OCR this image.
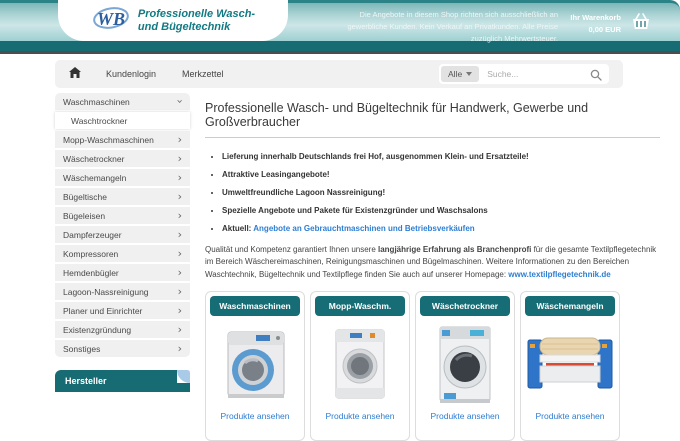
WB Professionelle Wasch-
und Bügeltechnik
Die Angebote in diesem Shop richten sich ausschließlich an gewerbliche Kunden. Kein Verkauf an Privatkunden. Alle Preise zuzüglich Mehrwertsteuer.
Ihr Warenkorb
0,00 EUR
Kundenlogin	Merkzettel	Alle
Suche...
Waschmaschinen	›
Waschtrockner
Mopp-Waschmaschinen ›
Wäschetrockner	›
Wäschemangeln	›
Bügeltische	›
Bügeleisen	›
Dampferzeuger	›
Kompressoren	›
Hemdenbügler	›
Lagoon-Nassreinigung	›
Planer und Einrichter	›
Existenzgründung	›
Sonstiges	›
Hersteller
Professionelle Wasch- und Bügeltechnik für Handwerk, Gewerbe und Großverbraucher
• Lieferung innerhalb Deutschlands frei Hof, ausgenommen Klein- und Ersatzteile!
• Attraktive Leasingangebote!
• Umweltfreundliche Lagoon Nassreinigung!
• Spezielle Angebote und Pakete für Existenzgründer und Waschsalons
• Aktuell: Angebote an Gebrauchtmaschinen und Betriebsverkäufen

Qualität und Kompetenz garantiert Ihnen unsere langjährige Erfahrung als Branchenprofi für die gesamte Textilpflegetechnik im Bereich Wäschereimaschinen, Reinigungsmaschinen und Bügelmaschinen. Weitere Informationen zu den Bereichen Waschtechnik, Bügeltechnik und Textilpflege finden Sie auch auf unserer Homepage: www.textilpflegetechnik.de

Waschmaschinen
Produkte ansehen
Mopp-Waschm.
Produkte ansehen
Wäschetrockner
Produkte ansehen
Wäschemangeln
Produkte ansehen
